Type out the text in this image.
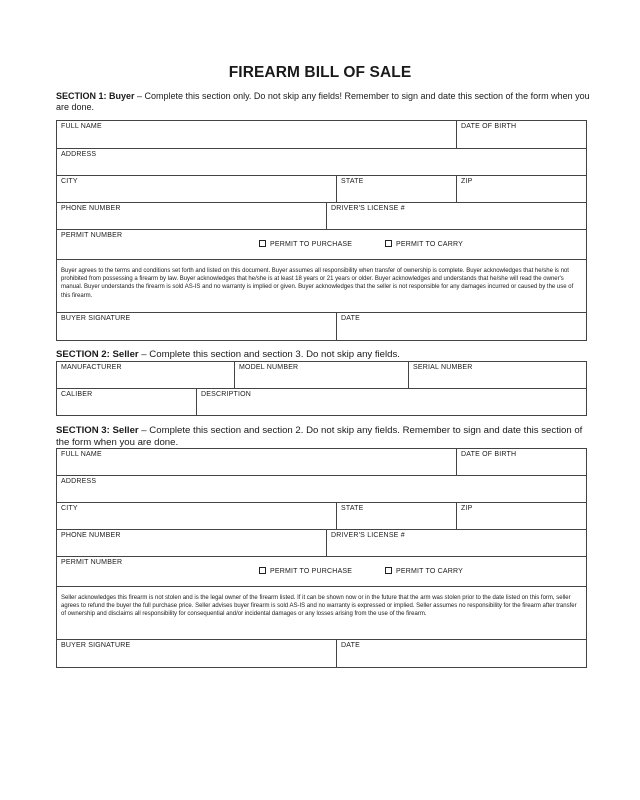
FIREARM BILL OF SALE
SECTION 1: Buyer – Complete this section only. Do not skip any fields! Remember to sign and date this section of the form when you are done.
FULL NAME			DATE OF BIRTH

ADDRESS			

CITY		STATE	ZIP

PHONE NUMBER	DRIVER'S LICENSE #		

PERMIT NUMBER
PERMIT TO PURCHASE PERMIT TO CARRY			

Buyer agrees to the terms and conditions set forth and listed on this document. Buyer assumes all responsibility when transfer of ownership is complete. Buyer acknowledges that he/she is not prohibited from possessing a firearm by law. Buyer acknowledges that he/she is at least 18 years or 21 years or older. Buyer acknowledges and understands that he/she will read the owner's manual. Buyer understands the firearm is sold AS-IS and no warranty is implied or given. Buyer acknowledges that the seller is not responsible for any damages incurred or caused by the use of this firearm.			

BUYER SIGNATURE		DATE	
SECTION 2: Seller – Complete this section and section 3. Do not skip any fields.
MANUFACTURER		MODEL NUMBER	SERIAL NUMBER

CALIBER	DESCRIPTION		
SECTION 3: Seller – Complete this section and section 2. Do not skip any fields. Remember to sign and date this section of the form when you are done.
FULL NAME			DATE OF BIRTH

ADDRESS			

CITY		STATE	ZIP

PHONE NUMBER	DRIVER'S LICENSE #		

PERMIT NUMBER
PERMIT TO PURCHASE PERMIT TO CARRY			

Seller acknowledges this firearm is not stolen and is the legal owner of the firearm listed. If it can be shown now or in the future that the arm was stolen prior to the date listed on this form, seller agrees to refund the buyer the full purchase price. Seller advises buyer firearm is sold AS-IS and no warranty is expressed or implied. Seller assumes no responsibility for the firearm after transfer of ownership and disclaims all responsibility for consequential and/or incidental damages or any losses arising from the use of the firearm.			

BUYER SIGNATURE		DATE	
